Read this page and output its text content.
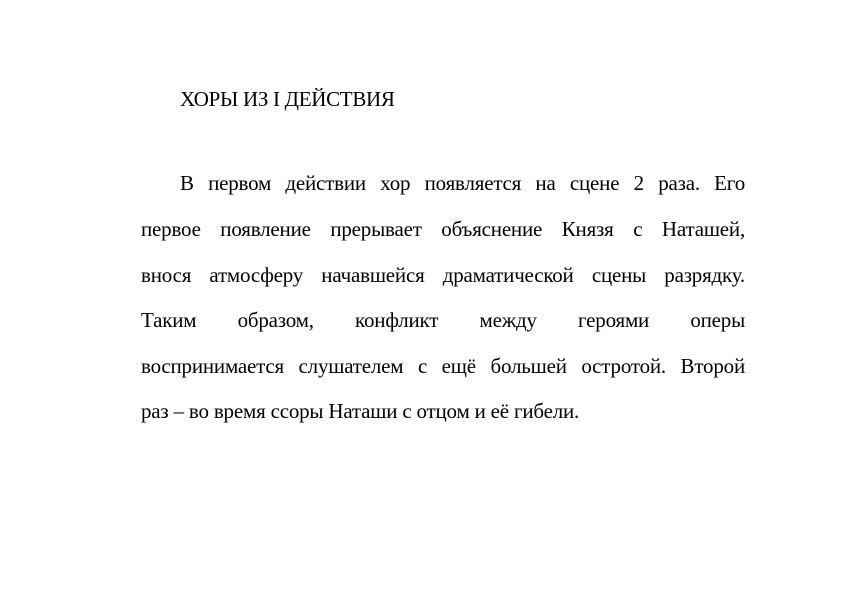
ХОРЫ ИЗ I ДЕЙСТВИЯ
В первом действии хор появляется на сцене 2 раза. Его
первое появление прерывает объяснение Князя с Наташей,
внося атмосферу начавшейся драматической сцены разрядку.
Таким образом, конфликт между героями оперы
воспринимается слушателем с ещё большей остротой. Второй
раз – во время ссоры Наташи с отцом и её гибели.
